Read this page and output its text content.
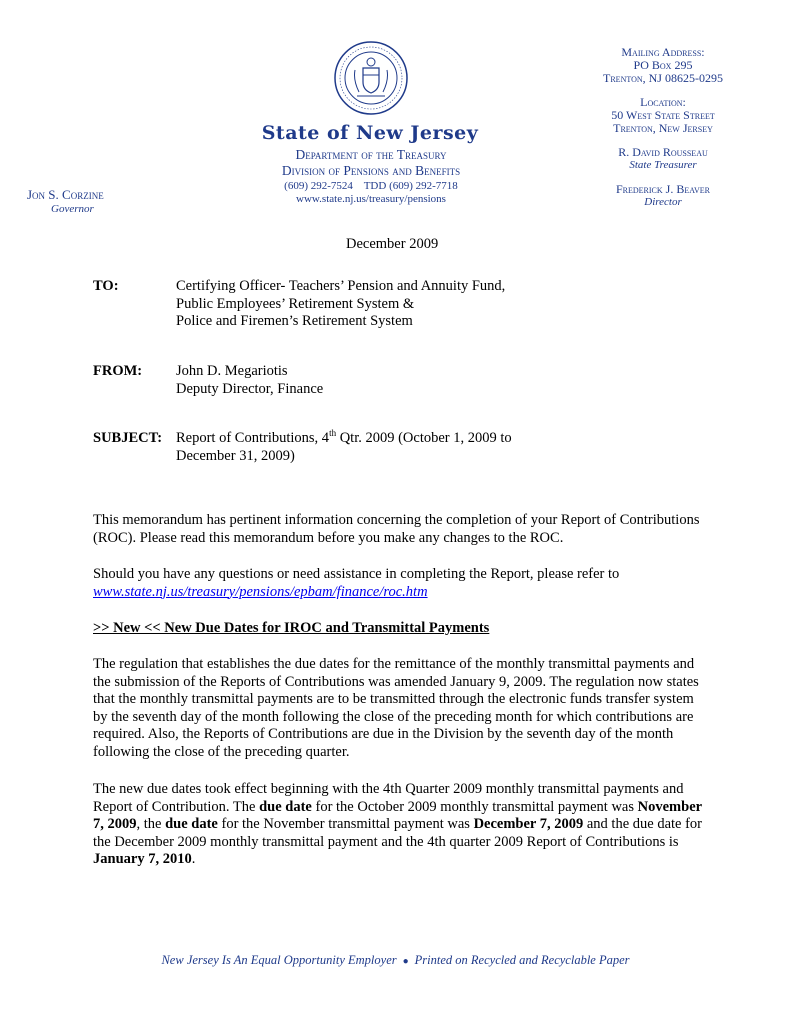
State of New Jersey
Department of the Treasury
Division of Pensions and Benefits
(609) 292-7524    TDD (609) 292-7718
www.state.nj.us/treasury/pensions
Jon S. Corzine
Governor
Mailing Address:
PO Box 295
Trenton, NJ 08625-0295
Location:
50 West State Street
Trenton, New Jersey
R. David Rousseau
State Treasurer
Frederick J. Beaver
Director
December 2009
TO:	Certifying Officer- Teachers’ Pension and Annuity Fund,
Public Employees’ Retirement System &
Police and Firemen’s Retirement System
FROM: John D. Megariotis
Deputy Director, Finance
SUBJECT: Report of Contributions, 4th Qtr. 2009 (October 1, 2009 to
December 31, 2009)
This memorandum has pertinent information concerning the completion of your Report of Contributions (ROC). Please read this memorandum before you make any changes to the ROC.
Should you have any questions or need assistance in completing the Report, please refer to
www.state.nj.us/treasury/pensions/epbam/finance/roc.htm
>> New << New Due Dates for IROC and Transmittal Payments
The regulation that establishes the due dates for the remittance of the monthly transmittal payments and the submission of the Reports of Contributions was amended January 9, 2009. The regulation now states that the monthly transmittal payments are to be transmitted through the electronic funds transfer system by the seventh day of the month following the close of the preceding month for which contributions are required. Also, the Reports of Contributions are due in the Division by the seventh day of the month following the close of the preceding quarter.
The new due dates took effect beginning with the 4th Quarter 2009 monthly transmittal payments and Report of Contribution. The due date for the October 2009 monthly transmittal payment was November 7, 2009, the due date for the November transmittal payment was December 7, 2009 and the due date for the December 2009 monthly transmittal payment and the 4th quarter 2009 Report of Contributions is January 7, 2010.
New Jersey Is An Equal Opportunity Employer ● Printed on Recycled and Recyclable Paper
